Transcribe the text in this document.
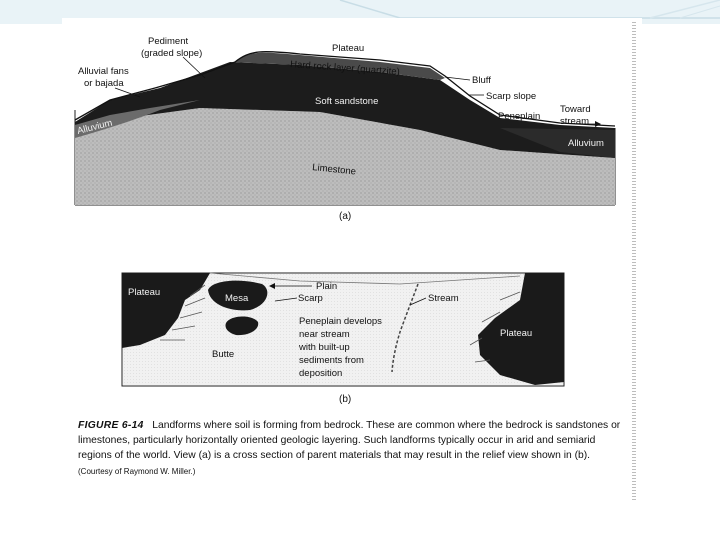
Pediment
(graded slope)
Alluvial fans
or bajada
Plateau
Hard rock layer (quartzite)
Bluff
Scarp slope
Toward
stream
Soft sandstone
Alluvium
Peneplain
Alluvium
Limestone
(a)
Plateau
Mesa
Plain
Scarp	Stream
Peneplain develops
near stream
with built-up
sediments from
deposition
Butte
Plateau
(b)

FIGURE 6-14 Landforms where soil is forming from bedrock. These are common where the bedrock is sandstones or limestones, particularly horizontally oriented geologic layering. Such landforms typically occur in arid and semiarid regions of the world. View (a) is a cross section of parent materials that may result in the relief view shown in (b).   (Courtesy of Raymond W. Miller.)
